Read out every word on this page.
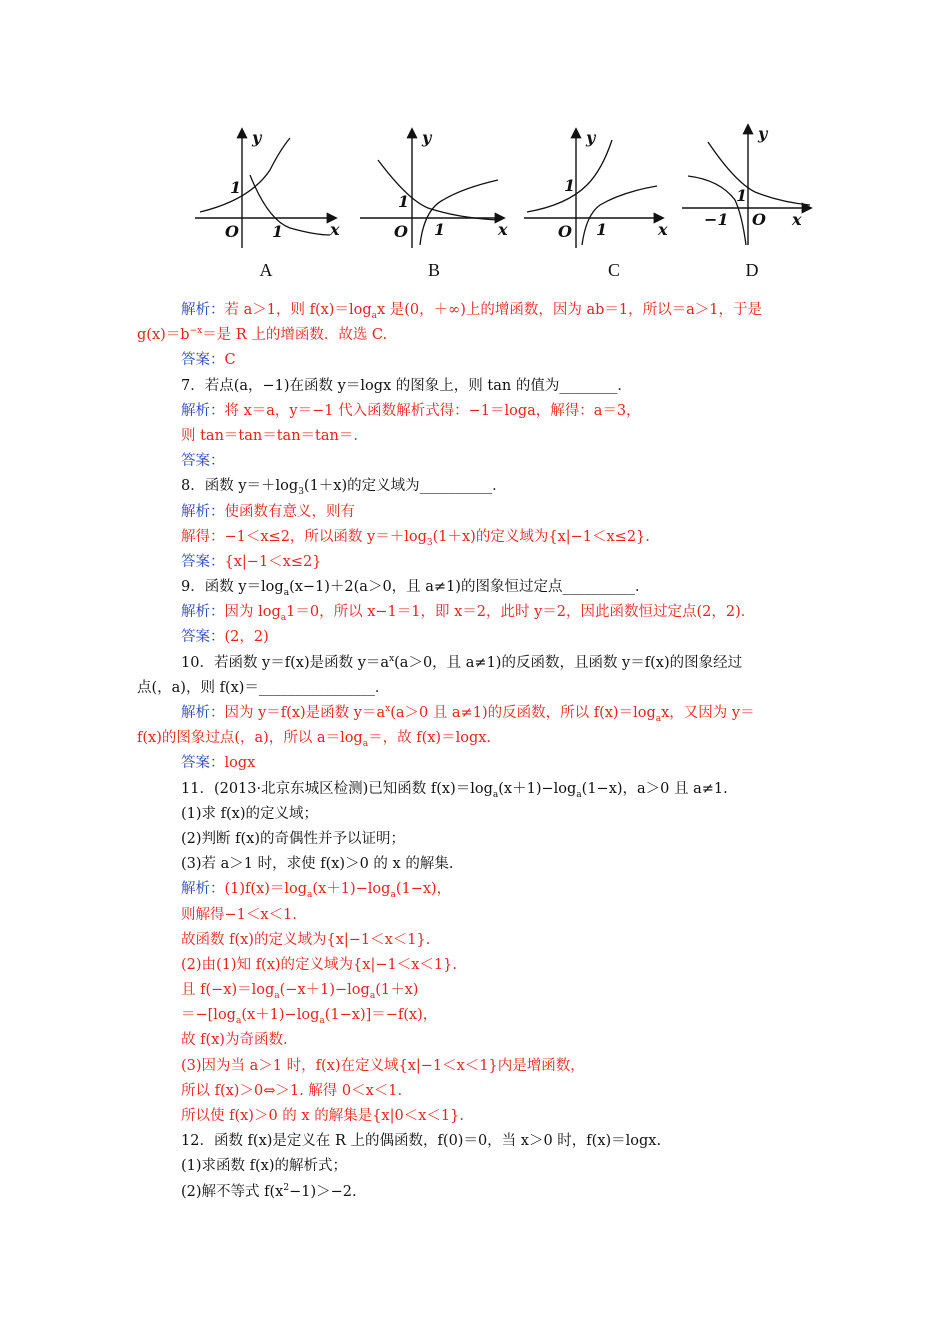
y
x
O
1
1
A
y
x
O
1
1
B
y
x
O
1
1
C
y
x
O
1
−1
D
解析：若 a＞1，则 $f(x)=\log_ax$ 是(0，＋∞)上的增函数，因为 ab＝1，所以＝a＞1，于是
$g(x)=b^{-x}=$是 R 上的增函数．故选 C.
答案：C
7．若点(a，−1)在函数 y＝logx 的图象上，则 tan 的值为________．
解析：将 x＝a，y＝−1 代入函数解析式得：−1＝loga，解得：a＝3，
则 tan＝tan＝tan＝tan＝.
答案：
8．函数 $y=+\log_3(1+x)$的定义域为__________．
解析：使函数有意义，则有
解得：−1＜x≤2，所以函数 $y=+\log_3(1+x)$的定义域为{x|−1＜x≤2}.
答案：{x|−1＜x≤2}
9．函数 $y=\log_a(x-1)+2(a>0$，且 a≠1)的图象恒过定点__________．
解析：因为 $\log_a1=0$，所以 x−1＝1，即 x＝2，此时 y＝2，因此函数恒过定点(2，2)．
答案：(2，2)
10．若函数 y＝f(x)是函数 $y=a^x(a>0$，且 a≠1)的反函数，且函数 y＝f(x)的图象经过
点(，a)，则 f(x)＝________________．
解析：因为 y＝f(x)是函数 $y=a^x(a>0$ 且 a≠1)的反函数，所以 $f(x)=\log_ax$，又因为 y＝
f(x)的图象过点(，a)，所以 $a=\log_a=$，故 f(x)＝logx.
答案：logx
11．(2013·北京东城区检测)已知函数 $f(x)=\log_a(x+1)-\log_a(1-x)$，a＞0 且 a≠1.
(1)求 f(x)的定义域；
(2)判断 f(x)的奇偶性并予以证明；
(3)若 a＞1 时，求使 f(x)＞0 的 x 的解集.
解析：$(1)f(x)=\log_a(x+1)-\log_a(1-x)$，
则解得−1＜x＜1.
故函数 f(x)的定义域为{x|−1＜x＜1}.
(2)由(1)知 f(x)的定义域为{x|−1＜x＜1}.
且 $f(-x)=\log_a(-x+1)-\log_a(1+x)$
$=-[\log_a(x+1)-\log_a(1-x)]=-f(x)$，
故 f(x)为奇函数.
(3)因为当 a＞1 时，f(x)在定义域{x|−1＜x＜1}内是增函数，
所以 f(x)＞0⇔＞1. 解得 0＜x＜1.
所以使 f(x)＞0 的 x 的解集是{x|0＜x＜1}.
12．函数 f(x)是定义在 R 上的偶函数，f(0)＝0，当 x＞0 时，f(x)＝logx.
(1)求函数 f(x)的解析式；
(2)解不等式 $f(x^2-1)>-2$.
